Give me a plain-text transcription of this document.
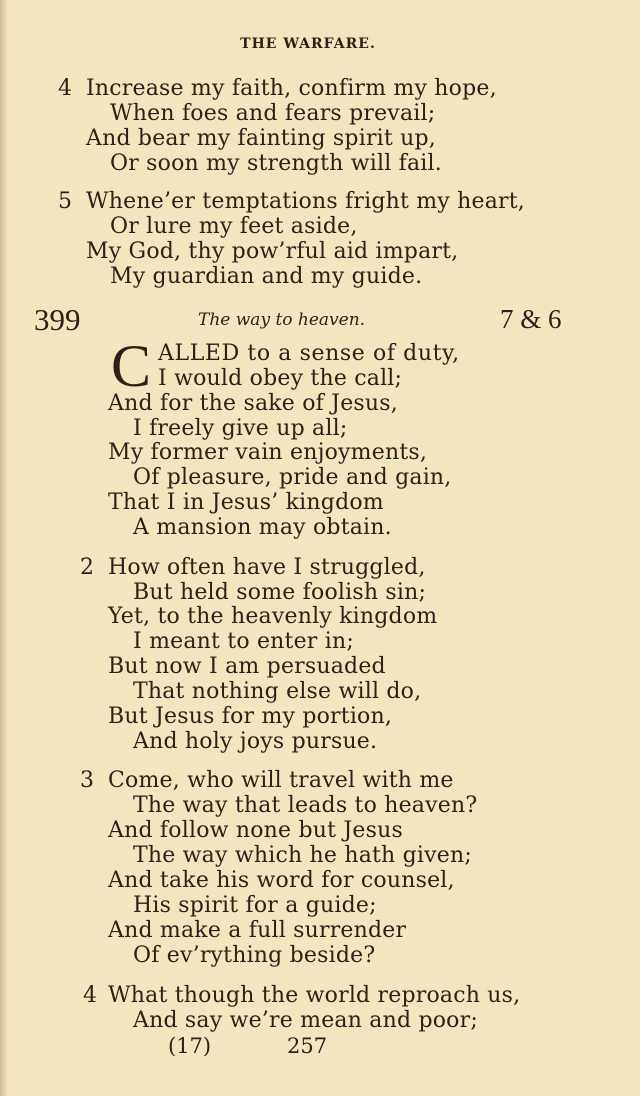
THE WARFARE.
4 Increase my faith, confirm my hope,
When foes and fears prevail;
And bear my fainting spirit up,
Or soon my strength will fail.
5 Whene’er temptations fright my heart,
Or lure my feet aside,
My God, thy pow’rful aid impart,
My guardian and my guide.
399	The way to heaven.	7 & 6
C ALLED to a sense of duty,
I would obey the call;
And for the sake of Jesus,
I freely give up all;
My former vain enjoyments,
Of pleasure, pride and gain,
That I in Jesus’ kingdom
A mansion may obtain.
2 How often have I struggled,
But held some foolish sin;
Yet, to the heavenly kingdom
I meant to enter in;
But now I am persuaded
That nothing else will do,
But Jesus for my portion,
And holy joys pursue.
3 Come, who will travel with me
The way that leads to heaven?
And follow none but Jesus
The way which he hath given;
And take his word for counsel,
His spirit for a guide;
And make a full surrender
Of ev’rything beside?
4 What though the world reproach us,
And say we’re mean and poor;
(17)	257
